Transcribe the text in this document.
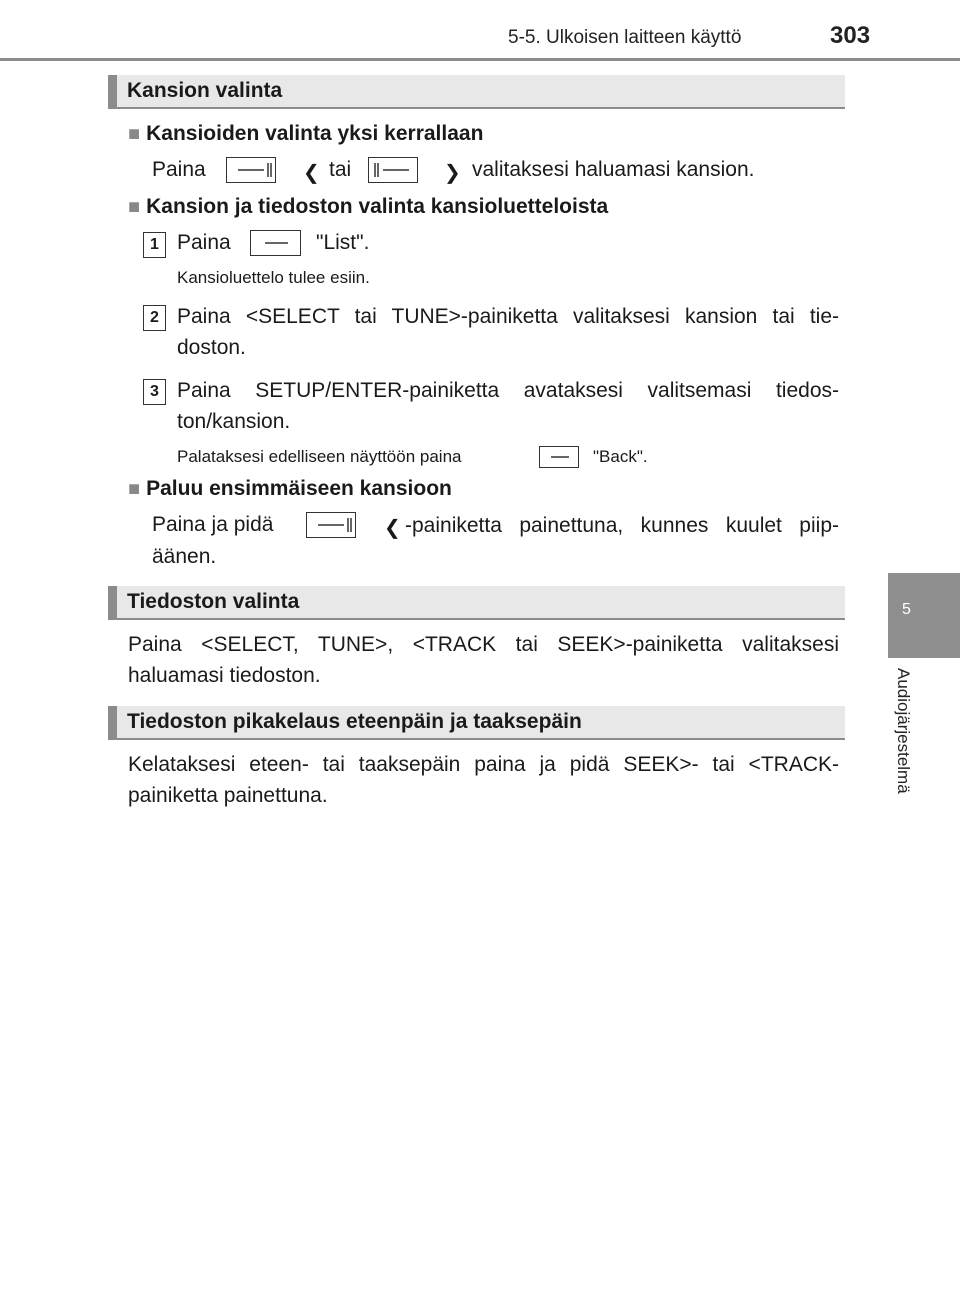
5-5. Ulkoisen laitteen käyttö	303
5
Audiojärjestelmä
Kansion valinta
■ Kansioiden valinta yksi kerrallaan
Paina	❮ tai	❯ valitaksesi haluamasi kansion.
■ Kansion ja tiedoston valinta kansioluetteloista
1 Paina	"List".
Kansioluettelo tulee esiin.
2 Paina <SELECT tai TUNE>-painiketta valitaksesi kansion tai tie-doston.
3 Paina SETUP/ENTER-painiketta avataksesi valitsemasi tiedos-ton/kansion.
Palataksesi edelliseen näyttöön paina	"Back".
■ Paluu ensimmäiseen kansioon
Paina ja pidä	❮ -painiketta painettuna, kunnes kuulet piip-äänen.
Tiedoston valinta
Paina <SELECT, TUNE>, <TRACK tai SEEK>-painiketta valitaksesi haluamasi tiedoston.
Tiedoston pikakelaus eteenpäin ja taaksepäin
Kelataksesi eteen- tai taaksepäin paina ja pidä SEEK>- tai <TRACK-painiketta painettuna.
